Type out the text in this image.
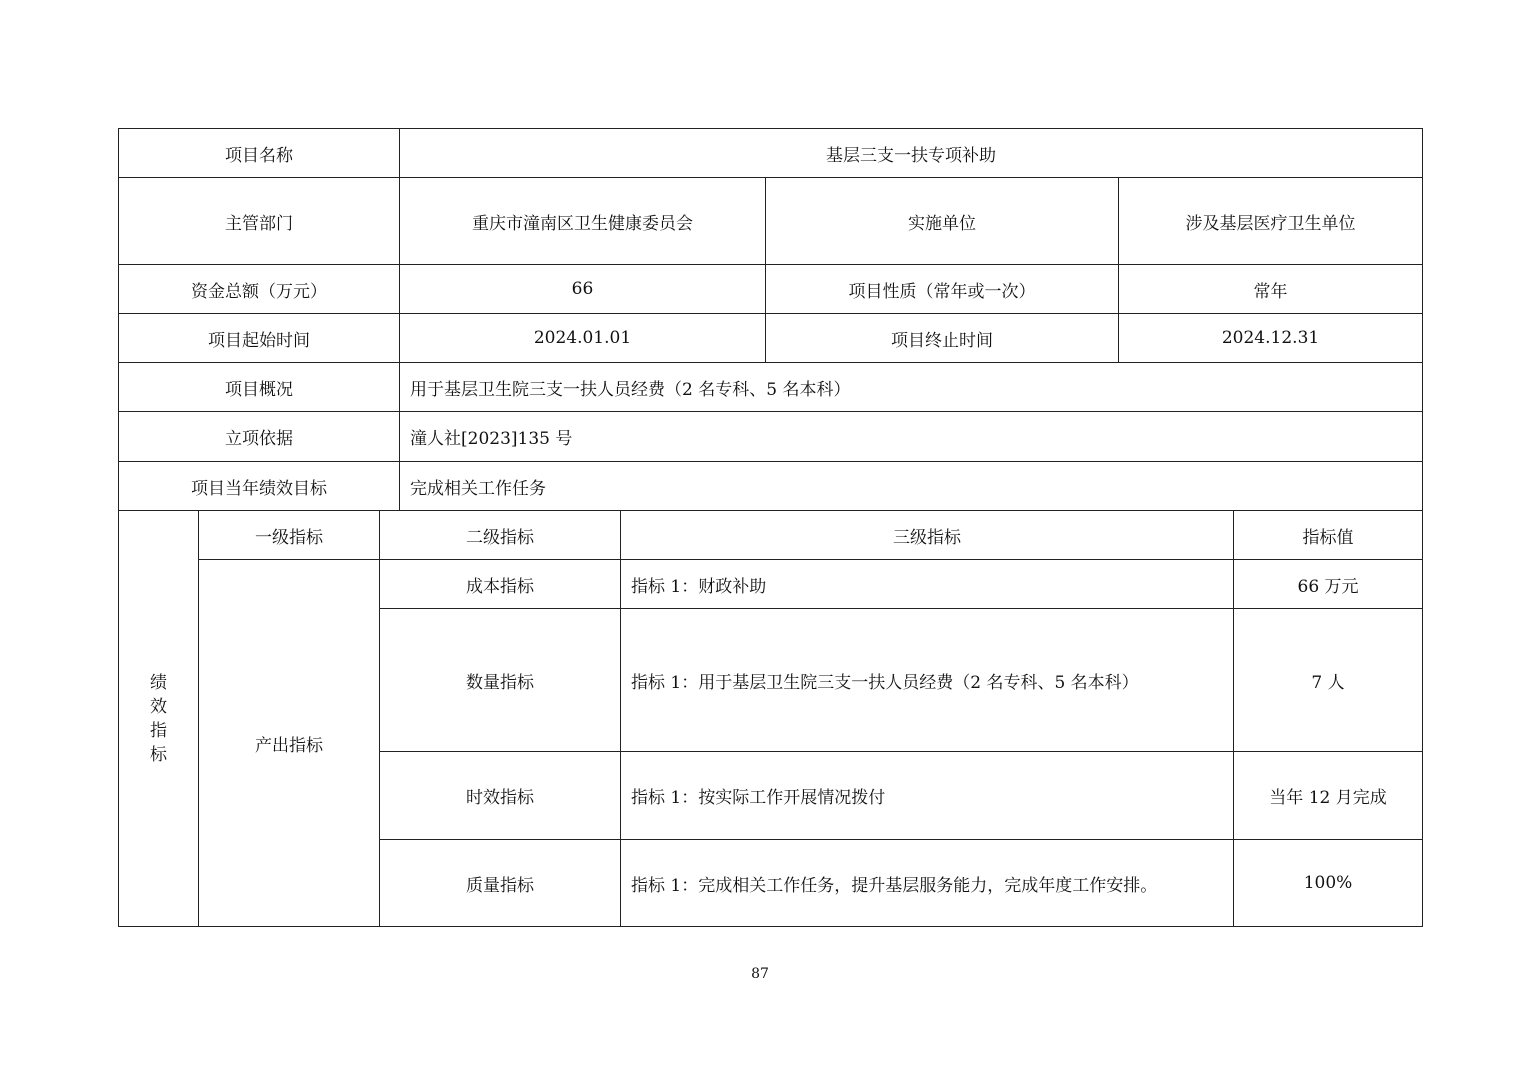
项目名称			基层三支一扶专项补助				
主管部门			重庆市潼南区卫生健康委员会		实施单位	涉及基层医疗卫生单位	
资金总额（万元）			66		项目性质（常年或一次）	常年	
项目起始时间			2024.01.01		项目终止时间	2024.12.31	
项目概况			用于基层卫生院三支一扶人员经费（2 名专科、5 名本科）				
立项依据			潼人社[2023]135 号				
项目当年绩效目标			完成相关工作任务				

绩
效
指
标	一级指标	二级指标		三级指标			指标值
	产出指标	成本指标		指标 1：财政补助			66 万元
		数量指标		指标 1：用于基层卫生院三支一扶人员经费（2 名专科、5 名本科）			7 人
		时效指标		指标 1：按实际工作开展情况拨付			当年 12 月完成
		质量指标		指标 1：完成相关工作任务，提升基层服务能力，完成年度工作安排。			100%
87
